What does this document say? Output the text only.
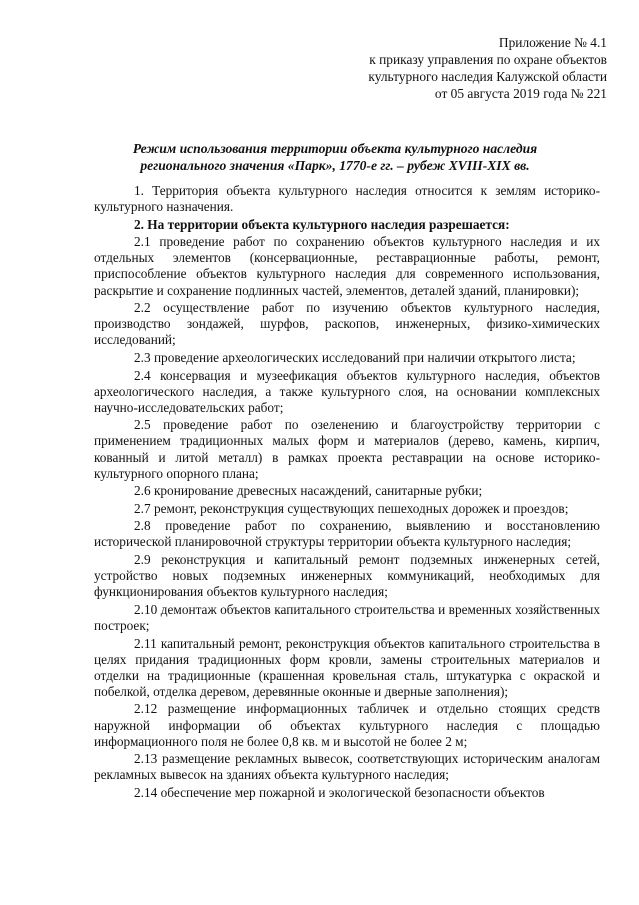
Приложение № 4.1
к приказу управления по охране объектов
культурного наследия Калужской области
от 05 августа 2019 года № 221
Режим использования территории объекта культурного наследия
регионального значения «Парк», 1770-е гг. – рубеж XVIII-XIX вв.

1. Территория объекта культурного наследия относится к землям историко-культурного назначения.

2. На территории объекта культурного наследия разрешается:

2.1 проведение работ по сохранению объектов культурного наследия и их отдельных элементов (консервационные, реставрационные работы, ремонт, приспособление объектов культурного наследия для современного использования, раскрытие и сохранение подлинных частей, элементов, деталей зданий, планировки);

2.2 осуществление работ по изучению объектов культурного наследия, производство зондажей, шурфов, раскопов, инженерных, физико-химических исследований;

2.3 проведение археологических исследований при наличии открытого листа;

2.4 консервация и музеефикация объектов культурного наследия, объектов археологического наследия, а также культурного слоя, на основании комплексных научно-исследовательских работ;

2.5 проведение работ по озеленению и благоустройству территории с применением традиционных малых форм и материалов (дерево, камень, кирпич, кованный и литой металл) в рамках проекта реставрации на основе историко-культурного опорного плана;

2.6 кронирование древесных насаждений, санитарные рубки;

2.7 ремонт, реконструкция существующих пешеходных дорожек и проездов;

2.8 проведение работ по сохранению, выявлению и восстановлению исторической планировочной структуры территории объекта культурного наследия;

2.9 реконструкция и капитальный ремонт подземных инженерных сетей, устройство новых подземных инженерных коммуникаций, необходимых для функционирования объектов культурного наследия;

2.10 демонтаж объектов капитального строительства и временных хозяйственных построек;

2.11 капитальный ремонт, реконструкция объектов капитального строительства в целях придания традиционных форм кровли, замены строительных материалов и отделки на традиционные (крашенная кровельная сталь, штукатурка с окраской и побелкой, отделка деревом, деревянные оконные и дверные заполнения);

2.12 размещение информационных табличек и отдельно стоящих средств наружной информации об объектах культурного наследия с площадью информационного поля не более 0,8 кв. м и высотой не более 2 м;

2.13 размещение рекламных вывесок, соответствующих историческим аналогам рекламных вывесок на зданиях объекта культурного наследия;

2.14 обеспечение мер пожарной и экологической безопасности объектов
